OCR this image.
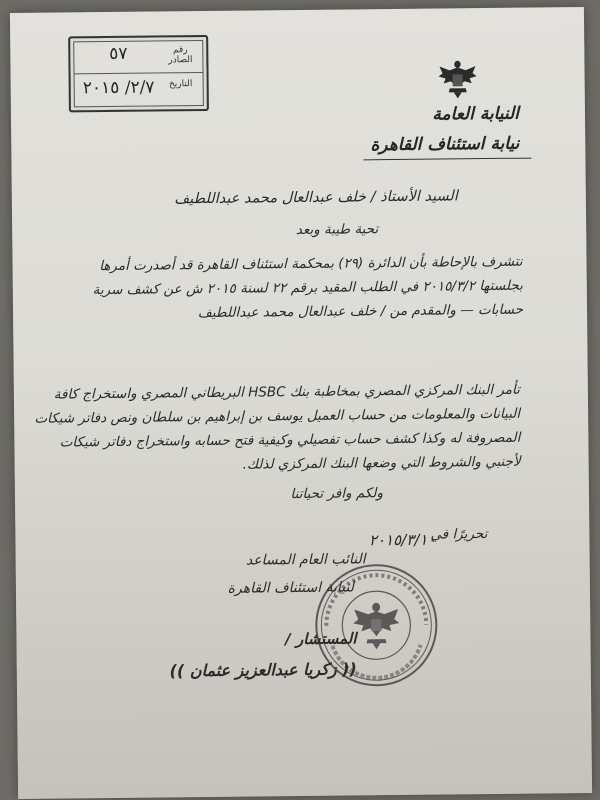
رقم الصادر
٥٧
التاريخ
٢/٧/ ٢٠١٥
النيابة العامة
نيابة استئناف القاهرة
السيد الأستاذ / خلف عبدالعال محمد عبداللطيف
تحية طيبة وبعد
نتشرف بالإحاطة بأن الدائرة (٢٩) بمحكمة استئناف القاهرة قد أصدرت أمرها
بجلستها ٢٠١٥/٣/٢ في الطلب المقيد برقم ٢٢ لسنة ٢٠١٥ ش عن كشف سرية
حسابات — والمقدم من / خلف عبدالعال محمد عبداللطيف
تأمر البنك المركزي المصري بمخاطبة بنك HSBC البريطاني المصري واستخراج كافة
البيانات والمعلومات من حساب العميل يوسف بن إبراهيم بن سلطان ونص دفاتر شيكات
المصروفة له وكذا كشف حساب تفصيلي وكيفية فتح حسابه واستخراج دفاتر شيكات
لأجنبي والشروط التي وضعها البنك المركزي لذلك.
ولكم وافر تحياتنا
تحريرًا في
٢٠١٥/٣/١٠
النائب العام المساعد
لنيابة استئناف القاهرة
المستشار /
(( زكريا عبدالعزيز عثمان ))
